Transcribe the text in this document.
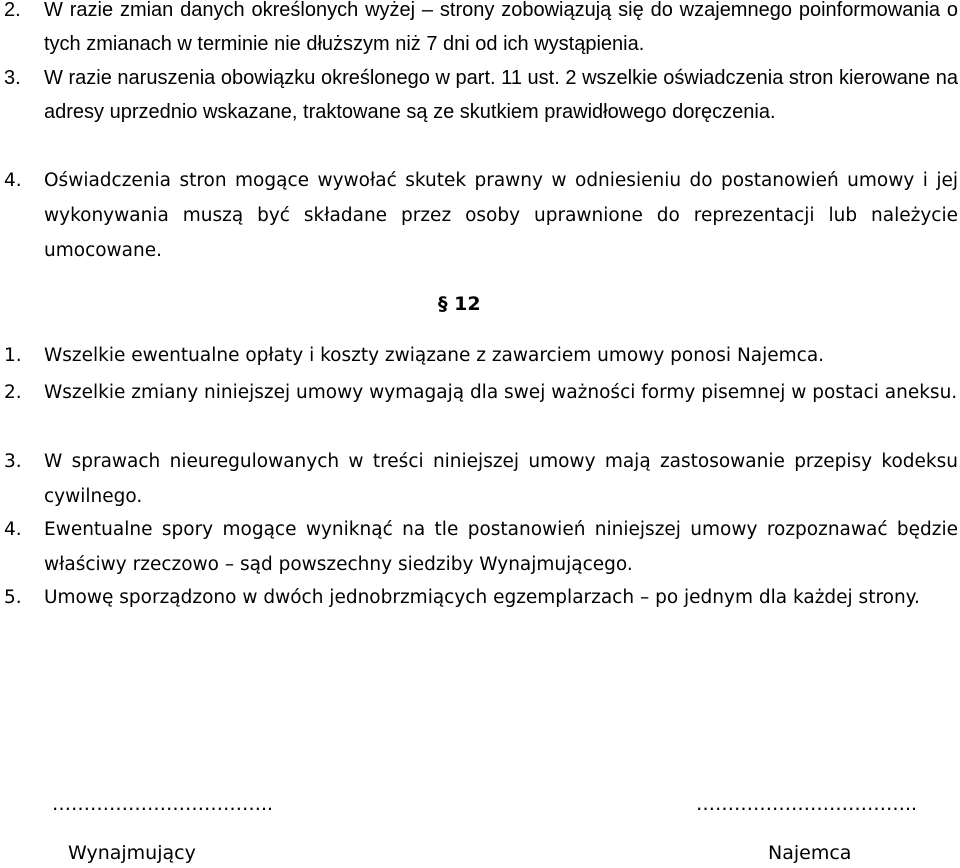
2. W razie zmian danych określonych wyżej – strony zobowiązują się do wzajemnego poinformowania o tych zmianach w terminie nie dłuższym niż 7 dni od ich wystąpienia.
3. W razie naruszenia obowiązku określonego w part. 11 ust. 2 wszelkie oświadczenia stron kierowane na adresy uprzednio wskazane, traktowane są ze skutkiem prawidłowego doręczenia.
4. Oświadczenia stron mogące wywołać skutek prawny w odniesieniu do postanowień umowy i jej wykonywania muszą być składane przez osoby uprawnione do reprezentacji lub należycie umocowane.
§ 12
1. Wszelkie ewentualne opłaty i koszty związane z zawarciem umowy ponosi Najemca.
2. Wszelkie zmiany niniejszej umowy wymagają dla swej ważności formy pisemnej w postaci aneksu.
3. W sprawach nieuregulowanych w treści niniejszej umowy mają zastosowanie przepisy kodeksu cywilnego.
4. Ewentualne spory mogące wyniknąć na tle postanowień niniejszej umowy rozpoznawać będzie właściwy rzeczowo – sąd powszechny siedziby Wynajmującego.
5. Umowę sporządzono w dwóch jednobrzmiących egzemplarzach – po jednym dla każdej strony.
……………………………..
Wynajmujący
……………………………..
Najemca
